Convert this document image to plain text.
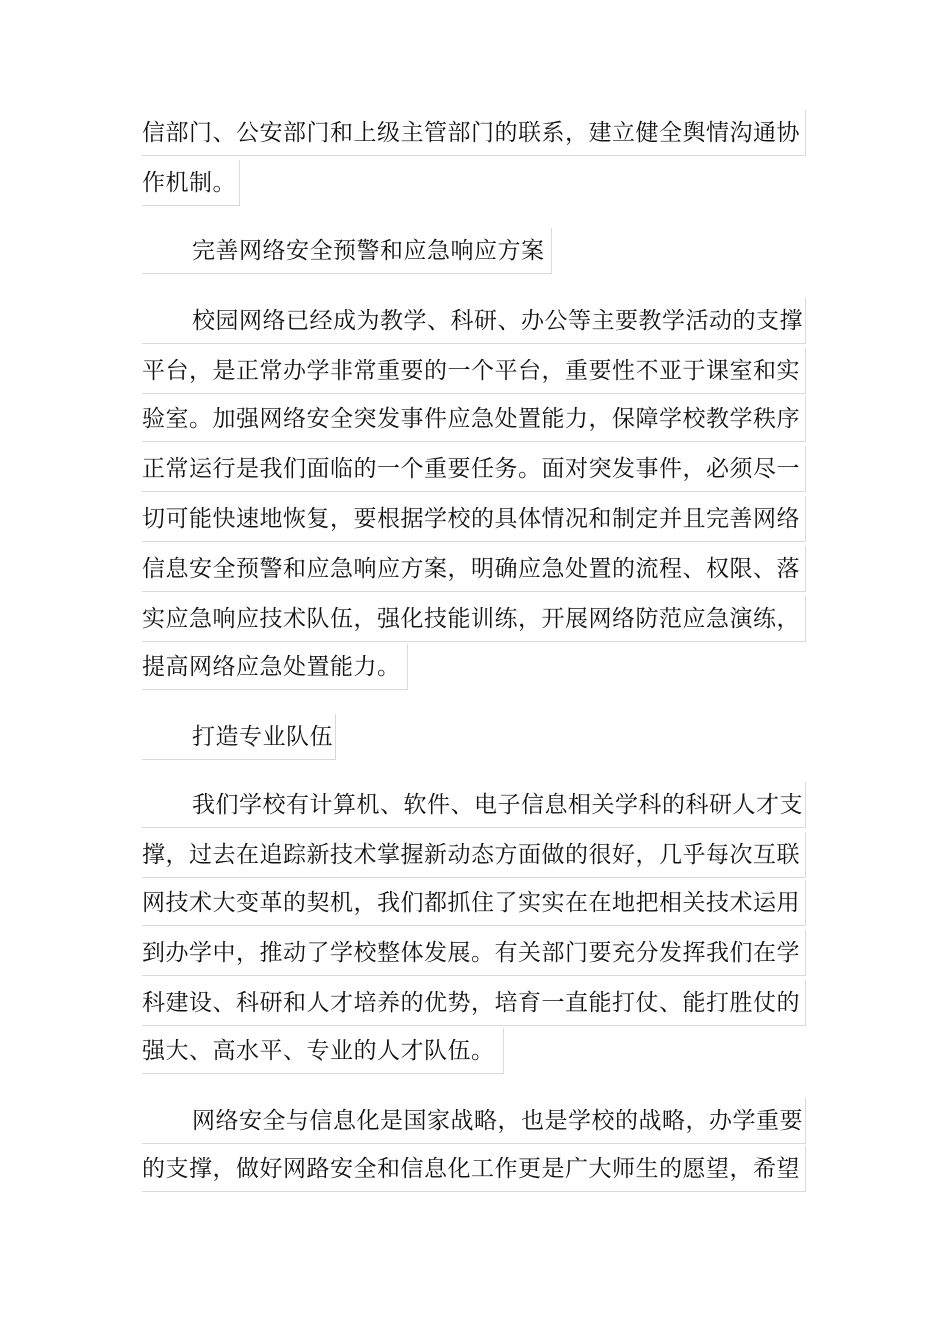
信部门、公安部门和上级主管部门的联系，建立健全舆情沟通协
作机制。
完善网络安全预警和应急响应方案
校园网络已经成为教学、科研、办公等主要教学活动的支撑
平台，是正常办学非常重要的一个平台，重要性不亚于课室和实
验室。加强网络安全突发事件应急处置能力，保障学校教学秩序
正常运行是我们面临的一个重要任务。面对突发事件，必须尽一
切可能快速地恢复，要根据学校的具体情况和制定并且完善网络
信息安全预警和应急响应方案，明确应急处置的流程、权限、落
实应急响应技术队伍，强化技能训练，开展网络防范应急演练，
提高网络应急处置能力。
打造专业队伍
我们学校有计算机、软件、电子信息相关学科的科研人才支
撑，过去在追踪新技术掌握新动态方面做的很好，几乎每次互联
网技术大变革的契机，我们都抓住了实实在在地把相关技术运用
到办学中，推动了学校整体发展。有关部门要充分发挥我们在学
科建设、科研和人才培养的优势，培育一直能打仗、能打胜仗的
强大、高水平、专业的人才队伍。
网络安全与信息化是国家战略，也是学校的战略，办学重要
的支撑，做好网路安全和信息化工作更是广大师生的愿望，希望
